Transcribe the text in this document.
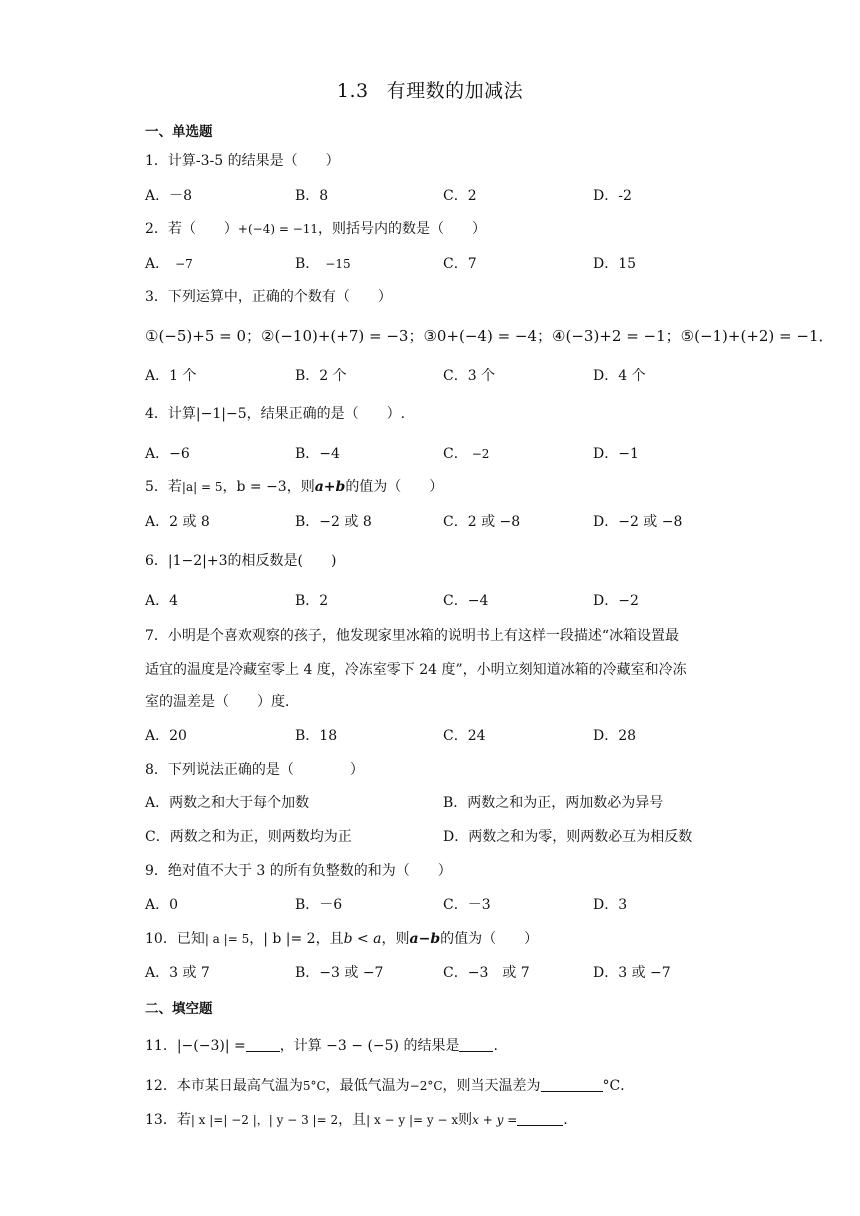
1.3 有理数的加减法
一、单选题
1．计算-3-5 的结果是（　　）
A．－8	B．8	C．2	D．-2
2．若（　　）+(−4) = −11，则括号内的数是（　　）
A． −7	B． −15	C．7	D．15
3．下列运算中，正确的个数有（　　）
①(−5)+5 = 0；②(−10)+(+7) = −3；③0+(−4) = −4；④(−3)+2 = −1；⑤(−1)+(+2) = −1．
A．1 个	B．2 个	C．3 个	D．4 个
4．计算|−1|−5，结果正确的是（　　）.
A．−6	B．−4	C． −2	D．−1
5．若|a| = 5，b = −3，则a+b的值为（　　）
A．2 或 8	B．−2 或 8	C．2 或 −8	D．−2 或 −8
6．|1−2|+3的相反数是(　　)
A．4	B．2	C．−4	D．−2
7．小明是个喜欢观察的孩子，他发现家里冰箱的说明书上有这样一段描述“冰箱设置最
适宜的温度是冷藏室零上 4 度，冷冻室零下 24 度”，小明立刻知道冰箱的冷藏室和冷冻
室的温差是（　　）度．
A．20	B．18	C．24	D．28
8．下列说法正确的是（　　　　）
A．两数之和大于每个加数	B．两数之和为正，两加数必为异号
C．两数之和为正，则两数均为正	D．两数之和为零，则两数必互为相反数
9．绝对值不大于 3 的所有负整数的和为（　　）
A．0	B．－6	C．－3	D．3
10．已知| a |= 5，| b |= 2，且b < a，则a−b的值为（　　）
A．3 或 7	B．−3 或 −7	C．−3　或 7	D．3 或 −7
二、填空题
11．|−(−3)| = ，计算 −3 − (−5) 的结果是 .
12．本市某日最高气温为5°C，最低气温为−2°C，则当天温差为	°C．
13．若| x |=| −2 |，| y − 3 |= 2，且| x − y |= y − x则x + y =	.
